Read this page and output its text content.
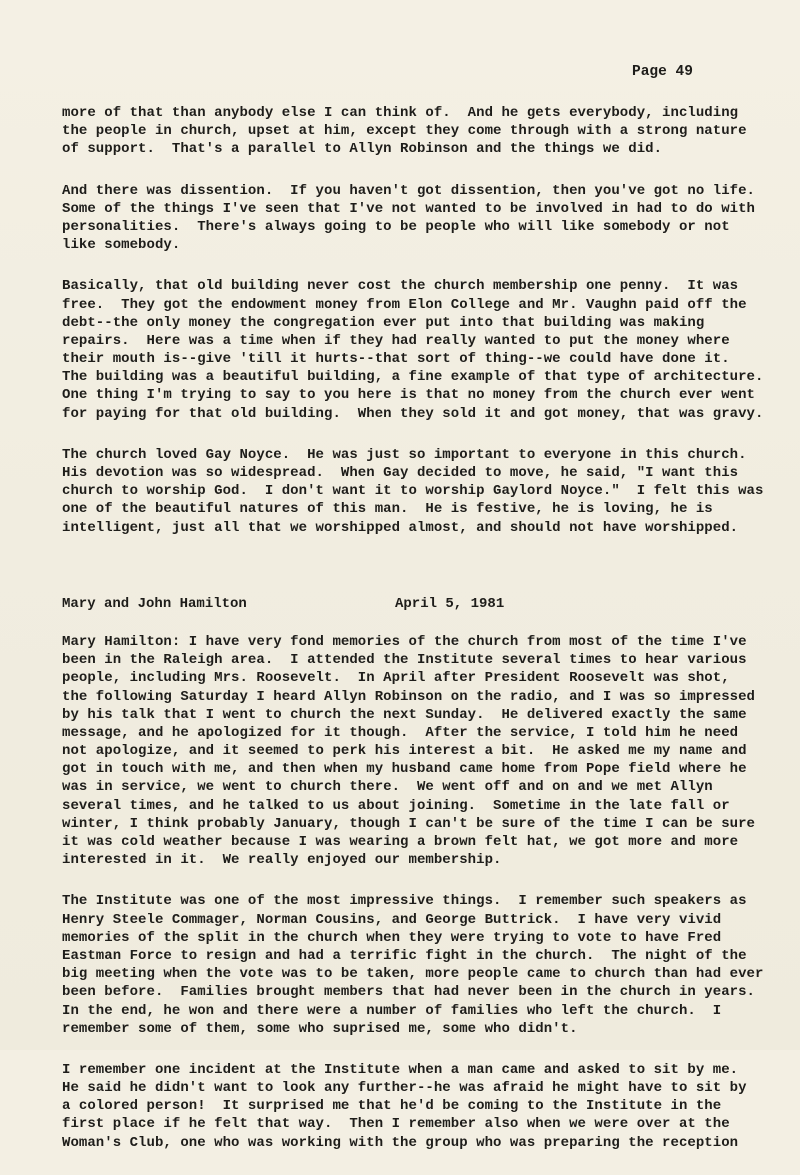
Page 49
more of that than anybody else I can think of.  And he gets everybody, including
the people in church, upset at him, except they come through with a strong nature
of support.  That's a parallel to Allyn Robinson and the things we did.
And there was dissention.  If you haven't got dissention, then you've got no life.
Some of the things I've seen that I've not wanted to be involved in had to do with
personalities.  There's always going to be people who will like somebody or not
like somebody.
Basically, that old building never cost the church membership one penny.  It was
free.  They got the endowment money from Elon College and Mr. Vaughn paid off the
debt--the only money the congregation ever put into that building was making
repairs.  Here was a time when if they had really wanted to put the money where
their mouth is--give 'till it hurts--that sort of thing--we could have done it.
The building was a beautiful building, a fine example of that type of architecture.
One thing I'm trying to say to you here is that no money from the church ever went
for paying for that old building.  When they sold it and got money, that was gravy.
The church loved Gay Noyce.  He was just so important to everyone in this church.
His devotion was so widespread.  When Gay decided to move, he said, "I want this
church to worship God.  I don't want it to worship Gaylord Noyce."  I felt this was
one of the beautiful natures of this man.  He is festive, he is loving, he is
intelligent, just all that we worshipped almost, and should not have worshipped.
Mary and John Hamilton	April 5, 1981
Mary Hamilton: I have very fond memories of the church from most of the time I've
been in the Raleigh area.  I attended the Institute several times to hear various
people, including Mrs. Roosevelt.  In April after President Roosevelt was shot,
the following Saturday I heard Allyn Robinson on the radio, and I was so impressed
by his talk that I went to church the next Sunday.  He delivered exactly the same
message, and he apologized for it though.  After the service, I told him he need
not apologize, and it seemed to perk his interest a bit.  He asked me my name and
got in touch with me, and then when my husband came home from Pope field where he
was in service, we went to church there.  We went off and on and we met Allyn
several times, and he talked to us about joining.  Sometime in the late fall or
winter, I think probably January, though I can't be sure of the time I can be sure
it was cold weather because I was wearing a brown felt hat, we got more and more
interested in it.  We really enjoyed our membership.
The Institute was one of the most impressive things.  I remember such speakers as
Henry Steele Commager, Norman Cousins, and George Buttrick.  I have very vivid
memories of the split in the church when they were trying to vote to have Fred
Eastman Force to resign and had a terrific fight in the church.  The night of the
big meeting when the vote was to be taken, more people came to church than had ever
been before.  Families brought members that had never been in the church in years.
In the end, he won and there were a number of families who left the church.  I
remember some of them, some who suprised me, some who didn't.
I remember one incident at the Institute when a man came and asked to sit by me.
He said he didn't want to look any further--he was afraid he might have to sit by
a colored person!  It surprised me that he'd be coming to the Institute in the
first place if he felt that way.  Then I remember also when we were over at the
Woman's Club, one who was working with the group who was preparing the reception
